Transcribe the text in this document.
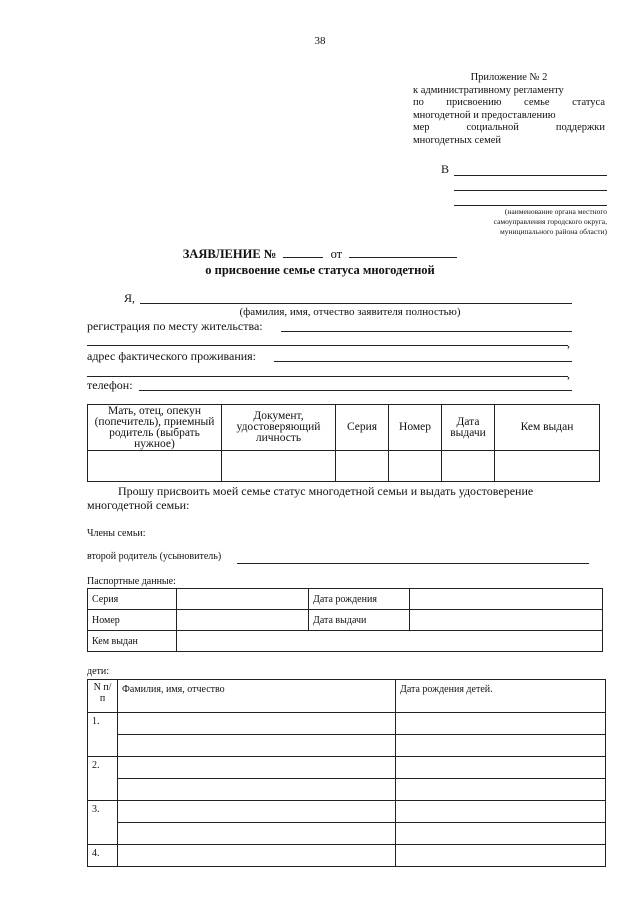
38
Приложение № 2
к административному регламенту
по присвоению семье статуса
многодетной и предоставлению
мер	социальной	поддержки
многодетных семей
В
(наименование органа местного
самоуправления городского округа,
муниципального района области)
ЗАЯВЛЕНИЕ №	от
о присвоение семье статуса многодетной
Я,
(фамилия, имя, отчество заявителя полностью)
регистрация по месту жительства:
,
адрес фактического проживания:
,
телефон:
Мать, отец, опекун (попечитель), приемный родитель (выбрать нужное)	Документ, удостоверяющий личность	Серия	Номер	Дата выдачи	Кем выдан

Прошу присвоить моей семье статус многодетной семьи и выдать удостоверение
многодетной семьи:
Члены семьи:
второй родитель (усыновитель)
Паспортные данные:
Серия		Дата рождения	
Номер		Дата выдачи	
Кем выдан			
дети:
N п/п	Фамилия, имя, отчество	Дата рождения детей.
1.		

2.		

3.		

4.		
